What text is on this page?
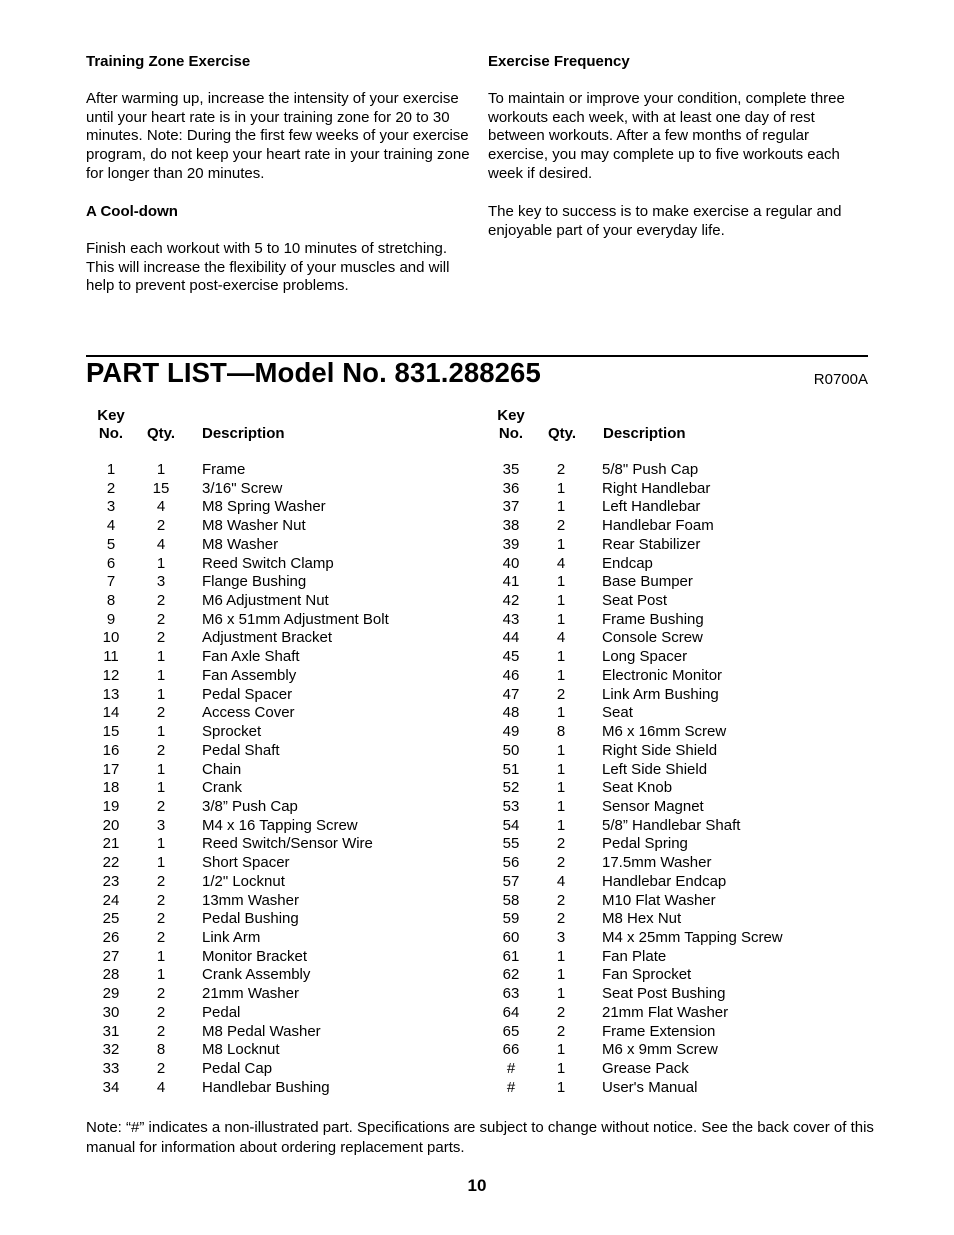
Training Zone Exercise
After warming up, increase the intensity of your exercise until your heart rate is in your training zone for 20 to 30 minutes. Note: During the first few weeks of your exercise program, do not keep your heart rate in your training zone for longer than 20 minutes.
A Cool-down
Finish each workout with 5 to 10 minutes of stretching. This will increase the flexibility of your muscles and will help to prevent post-exercise problems.
Exercise Frequency
To maintain or improve your condition, complete three workouts each week, with at least one day of rest between workouts. After a few months of regular exercise, you may complete up to five workouts each week if desired.
The key to success is to make exercise a regular and enjoyable part of your everyday life.
PART LIST—Model No. 831.288265	R0700A
Key
No.	Qty.	Description
Key
No.	Qty.	Description
1	1	Frame
2	15	3/16" Screw
3	4	M8 Spring Washer
4	2	M8 Washer Nut
5	4	M8 Washer
6	1	Reed Switch Clamp
7	3	Flange Bushing
8	2	M6 Adjustment Nut
9	2	M6 x 51mm Adjustment Bolt
10	2	Adjustment Bracket
11	1	Fan Axle Shaft
12	1	Fan Assembly
13	1	Pedal Spacer
14	2	Access Cover
15	1	Sprocket
16	2	Pedal Shaft
17	1	Chain
18	1	Crank
19	2	3/8” Push Cap
20	3	M4 x 16 Tapping Screw
21	1	Reed Switch/Sensor Wire
22	1	Short Spacer
23	2	1/2" Locknut
24	2	13mm Washer
25	2	Pedal Bushing
26	2	Link Arm
27	1	Monitor Bracket
28	1	Crank Assembly
29	2	21mm Washer
30	2	Pedal
31	2	M8 Pedal Washer
32	8	M8 Locknut
33	2	Pedal Cap
34	4	Handlebar Bushing
35	2	5/8" Push Cap
36	1	Right Handlebar
37	1	Left Handlebar
38	2	Handlebar Foam
39	1	Rear Stabilizer
40	4	Endcap
41	1	Base Bumper
42	1	Seat Post
43	1	Frame Bushing
44	4	Console Screw
45	1	Long Spacer
46	1	Electronic Monitor
47	2	Link Arm Bushing
48	1	Seat
49	8	M6 x 16mm Screw
50	1	Right Side Shield
51	1	Left Side Shield
52	1	Seat Knob
53	1	Sensor Magnet
54	1	5/8” Handlebar Shaft
55	2	Pedal Spring
56	2	17.5mm Washer
57	4	Handlebar Endcap
58	2	M10 Flat Washer
59	2	M8 Hex Nut
60	3	M4 x 25mm Tapping Screw
61	1	Fan Plate
62	1	Fan Sprocket
63	1	Seat Post Bushing
64	2	21mm Flat Washer
65	2	Frame Extension
66	1	M6 x 9mm Screw
#	1	Grease Pack
#	1	User's Manual
Note: “#” indicates a non-illustrated part. Specifications are subject to change without notice. See the back cover of this manual for information about ordering replacement parts.
10
